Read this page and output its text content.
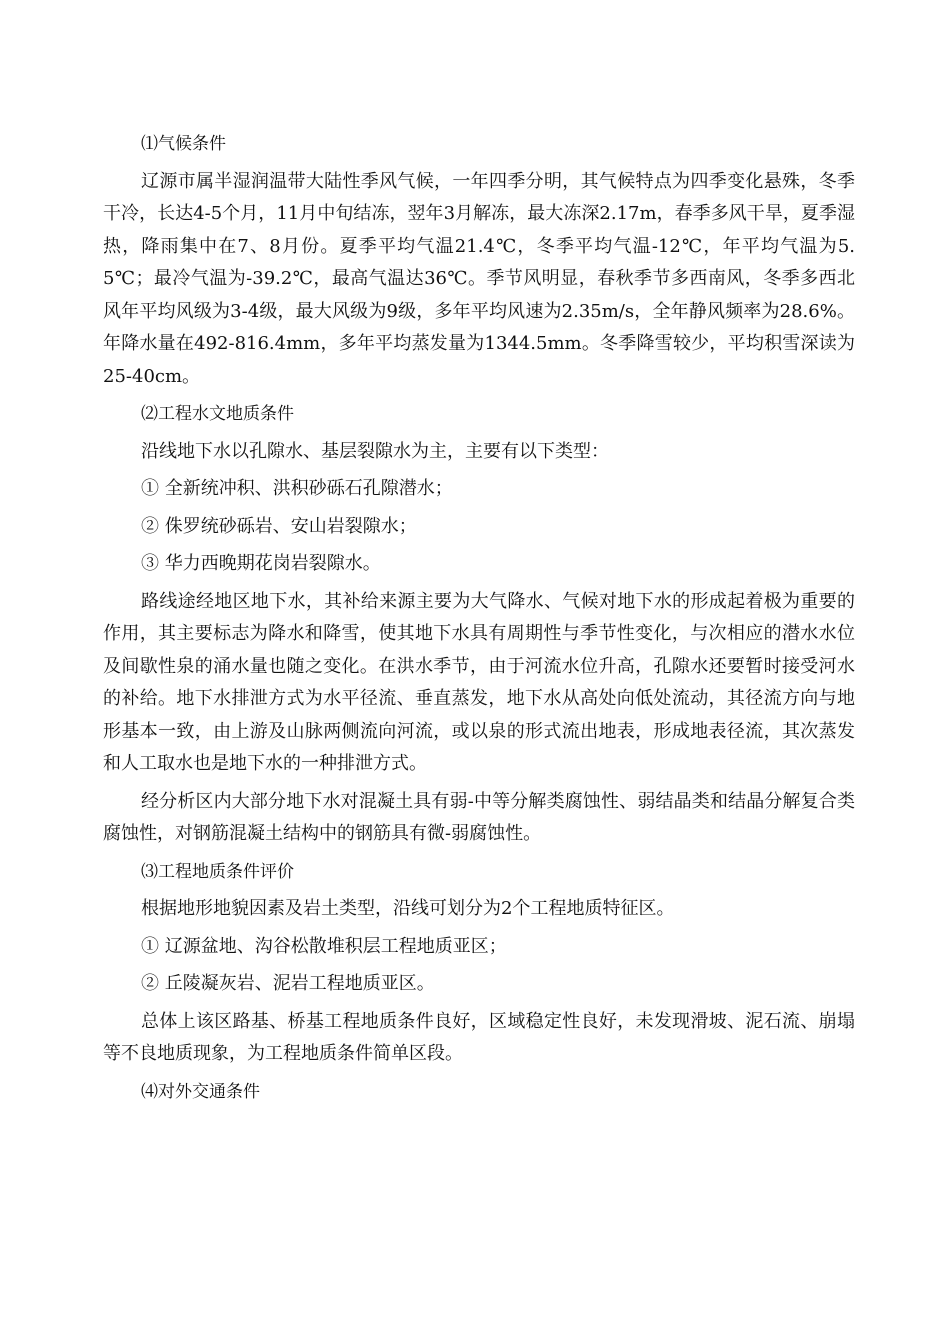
⑴气候条件

辽源市属半湿润温带大陆性季风气候，一年四季分明，其气候特点为四季变化悬殊，冬季干冷，长达4-5个月，11月中旬结冻，翌年3月解冻，最大冻深2.17m，春季多风干旱，夏季湿热，降雨集中在7、8月份。夏季平均气温21.4℃，冬季平均气温-12℃，年平均气温为5.5℃；最冷气温为-39.2℃，最高气温达36℃。季节风明显，春秋季节多西南风，冬季多西北风年平均风级为3-4级，最大风级为9级，多年平均风速为2.35m/s，全年静风频率为28.6%。年降水量在492-816.4mm，多年平均蒸发量为1344.5mm。冬季降雪较少，平均积雪深读为25-40cm。

⑵工程水文地质条件

沿线地下水以孔隙水、基层裂隙水为主，主要有以下类型：

① 全新统冲积、洪积砂砾石孔隙潜水；

② 侏罗统砂砾岩、安山岩裂隙水；

③ 华力西晚期花岗岩裂隙水。

路线途经地区地下水，其补给来源主要为大气降水、气候对地下水的形成起着极为重要的作用，其主要标志为降水和降雪，使其地下水具有周期性与季节性变化，与次相应的潜水水位及间歇性泉的涌水量也随之变化。在洪水季节，由于河流水位升高，孔隙水还要暂时接受河水的补给。地下水排泄方式为水平径流、垂直蒸发，地下水从高处向低处流动，其径流方向与地形基本一致，由上游及山脉两侧流向河流，或以泉的形式流出地表，形成地表径流，其次蒸发和人工取水也是地下水的一种排泄方式。

经分析区内大部分地下水对混凝土具有弱-中等分解类腐蚀性、弱结晶类和结晶分解复合类腐蚀性，对钢筋混凝土结构中的钢筋具有微-弱腐蚀性。

⑶工程地质条件评价

根据地形地貌因素及岩土类型，沿线可划分为2个工程地质特征区。

① 辽源盆地、沟谷松散堆积层工程地质亚区；

② 丘陵凝灰岩、泥岩工程地质亚区。

总体上该区路基、桥基工程地质条件良好，区域稳定性良好，未发现滑坡、泥石流、崩塌等不良地质现象，为工程地质条件简单区段。

⑷对外交通条件
